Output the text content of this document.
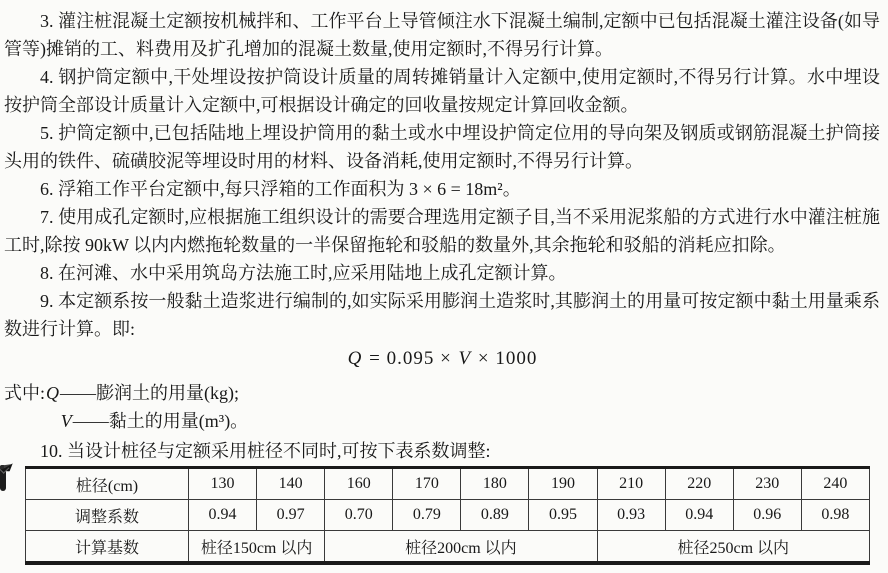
3. 灌注桩混凝土定额按机械拌和、工作平台上导管倾注水下混凝土编制,定额中已包括混凝土灌注设备(如导管等)摊销的工、料费用及扩孔增加的混凝土数量,使用定额时,不得另行计算。

4. 钢护筒定额中,干处埋设按护筒设计质量的周转摊销量计入定额中,使用定额时,不得另行计算。水中埋设按护筒全部设计质量计入定额中,可根据设计确定的回收量按规定计算回收金额。

5. 护筒定额中,已包括陆地上埋设护筒用的黏土或水中埋设护筒定位用的导向架及钢质或钢筋混凝土护筒接头用的铁件、硫磺胶泥等埋设时用的材料、设备消耗,使用定额时,不得另行计算。

6. 浮箱工作平台定额中,每只浮箱的工作面积为 3 × 6 = 18m²。

7. 使用成孔定额时,应根据施工组织设计的需要合理选用定额子目,当不采用泥浆船的方式进行水中灌注桩施工时,除按 90kW 以内内燃拖轮数量的一半保留拖轮和驳船的数量外,其余拖轮和驳船的消耗应扣除。

8. 在河滩、水中采用筑岛方法施工时,应采用陆地上成孔定额计算。

9. 本定额系按一般黏土造浆进行编制的,如实际采用膨润土造浆时,其膨润土的用量可按定额中黏土用量乘系数进行计算。即:

Q = 0.095 × V × 1000

式中:Q——膨润土的用量(kg);

V——黏土的用量(m³)。

10. 当设计桩径与定额采用桩径不同时,可按下表系数调整:

桩径(cm)	130	140	160	170	180	190	210	220	230	240
调整系数	0.94	0.97	0.70	0.79	0.89	0.95	0.93	0.94	0.96	0.98
计算基数	桩径150cm 以内		桩径200cm 以内				桩径250cm 以内			
